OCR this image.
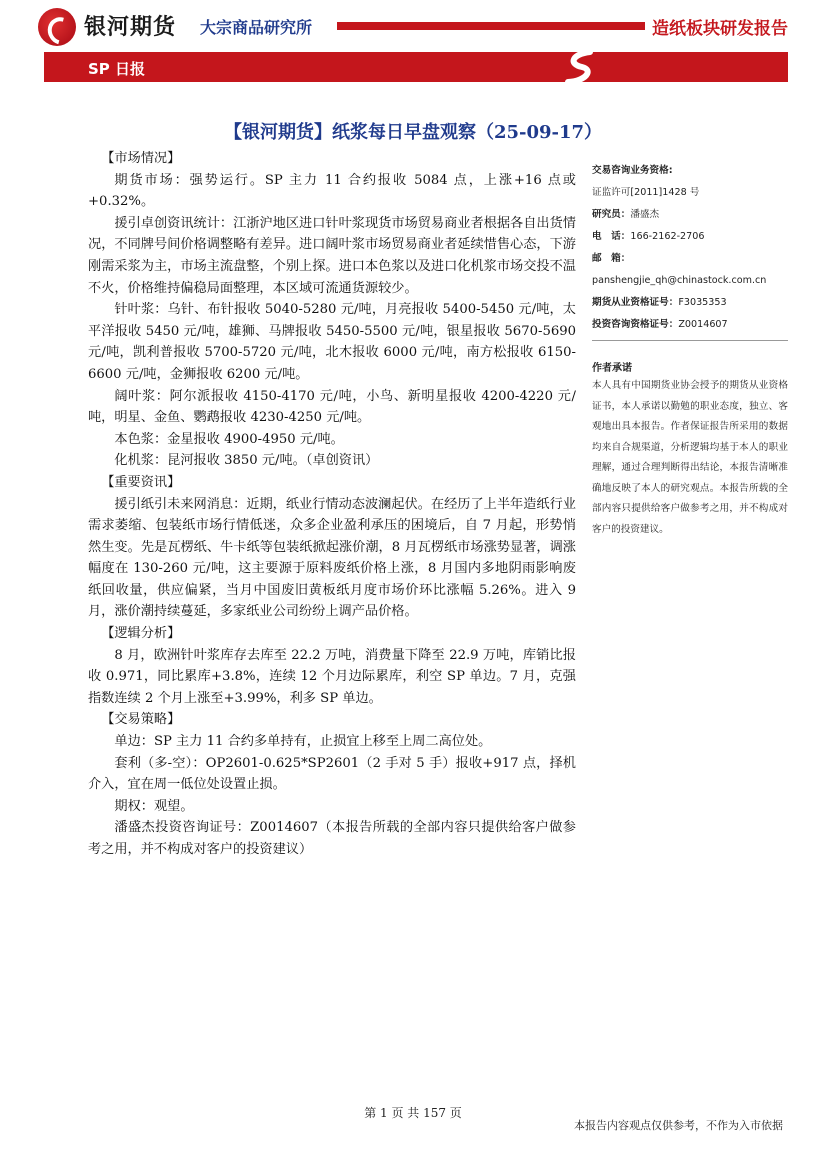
银河期货 大宗商品研究所	造纸板块研发报告
SP 日报
【银河期货】纸浆每日早盘观察（25-09-17）
【市场情况】

期货市场：强势运行。SP 主力 11 合约报收 5084 点，上涨+16 点或+0.32%。

援引卓创资讯统计：江浙沪地区进口针叶浆现货市场贸易商业者根据各自出货情况，不同牌号间价格调整略有差异。进口阔叶浆市场贸易商业者延续惜售心态，下游刚需采浆为主，市场主流盘整，个别上探。进口本色浆以及进口化机浆市场交投不温不火，价格维持偏稳局面整理，本区域可流通货源较少。

针叶浆：乌针、布针报收 5040-5280 元/吨，月亮报收 5400-5450 元/吨，太平洋报收 5450 元/吨，雄狮、马牌报收 5450-5500 元/吨，银星报收 5670-5690 元/吨，凯利普报收 5700-5720 元/吨，北木报收 6000 元/吨，南方松报收 6150-6600 元/吨，金狮报收 6200 元/吨。

阔叶浆：阿尔派报收 4150-4170 元/吨，小鸟、新明星报收 4200-4220 元/吨，明星、金鱼、鹦鹉报收 4230-4250 元/吨。

本色浆：金星报收 4900-4950 元/吨。

化机浆：昆河报收 3850 元/吨。（卓创资讯）

【重要资讯】

援引纸引未来网消息：近期，纸业行情动态波澜起伏。在经历了上半年造纸行业需求萎缩、包装纸市场行情低迷，众多企业盈利承压的困境后，自 7 月起，形势悄然生变。先是瓦楞纸、牛卡纸等包装纸掀起涨价潮，8 月瓦楞纸市场涨势显著，调涨幅度在 130-260 元/吨，这主要源于原料废纸价格上涨，8 月国内多地阴雨影响废纸回收量，供应偏紧，当月中国废旧黄板纸月度市场价环比涨幅 5.26%。进入 9 月，涨价潮持续蔓延，多家纸业公司纷纷上调产品价格。

【逻辑分析】

8 月，欧洲针叶浆库存去库至 22.2 万吨，消费量下降至 22.9 万吨，库销比报收 0.971，同比累库+3.8%，连续 12 个月边际累库，利空 SP 单边。7 月，克强指数连续 2 个月上涨至+3.99%，利多 SP 单边。

【交易策略】

单边：SP 主力 11 合约多单持有，止损宜上移至上周二高位处。

套利（多-空）：OP2601-0.625*SP2601（2 手对 5 手）报收+917 点，择机介入，宜在周一低位处设置止损。

期权：观望。

潘盛杰投资咨询证号：Z0014607（本报告所载的全部内容只提供给客户做参考之用，并不构成对客户的投资建议）

交易咨询业务资格:
证监许可[2011]1428 号
研究员：潘盛杰
电　话：166-2162-2706
邮　箱：
panshengjie_qh@chinastock.com.cn
期货从业资格证号：F3035353
投资咨询资格证号：Z0014607
作者承诺
本人具有中国期货业协会授予的期货从业资格证书，本人承诺以勤勉的职业态度，独立、客观地出具本报告。作者保证报告所采用的数据均来自合规渠道，分析逻辑均基于本人的职业理解，通过合理判断得出结论，本报告清晰准确地反映了本人的研究观点。本报告所载的全部内容只提供给客户做参考之用，并不构成对客户的投资建议。
第 1 页 共 157 页
本报告内容观点仅供参考，不作为入市依据
